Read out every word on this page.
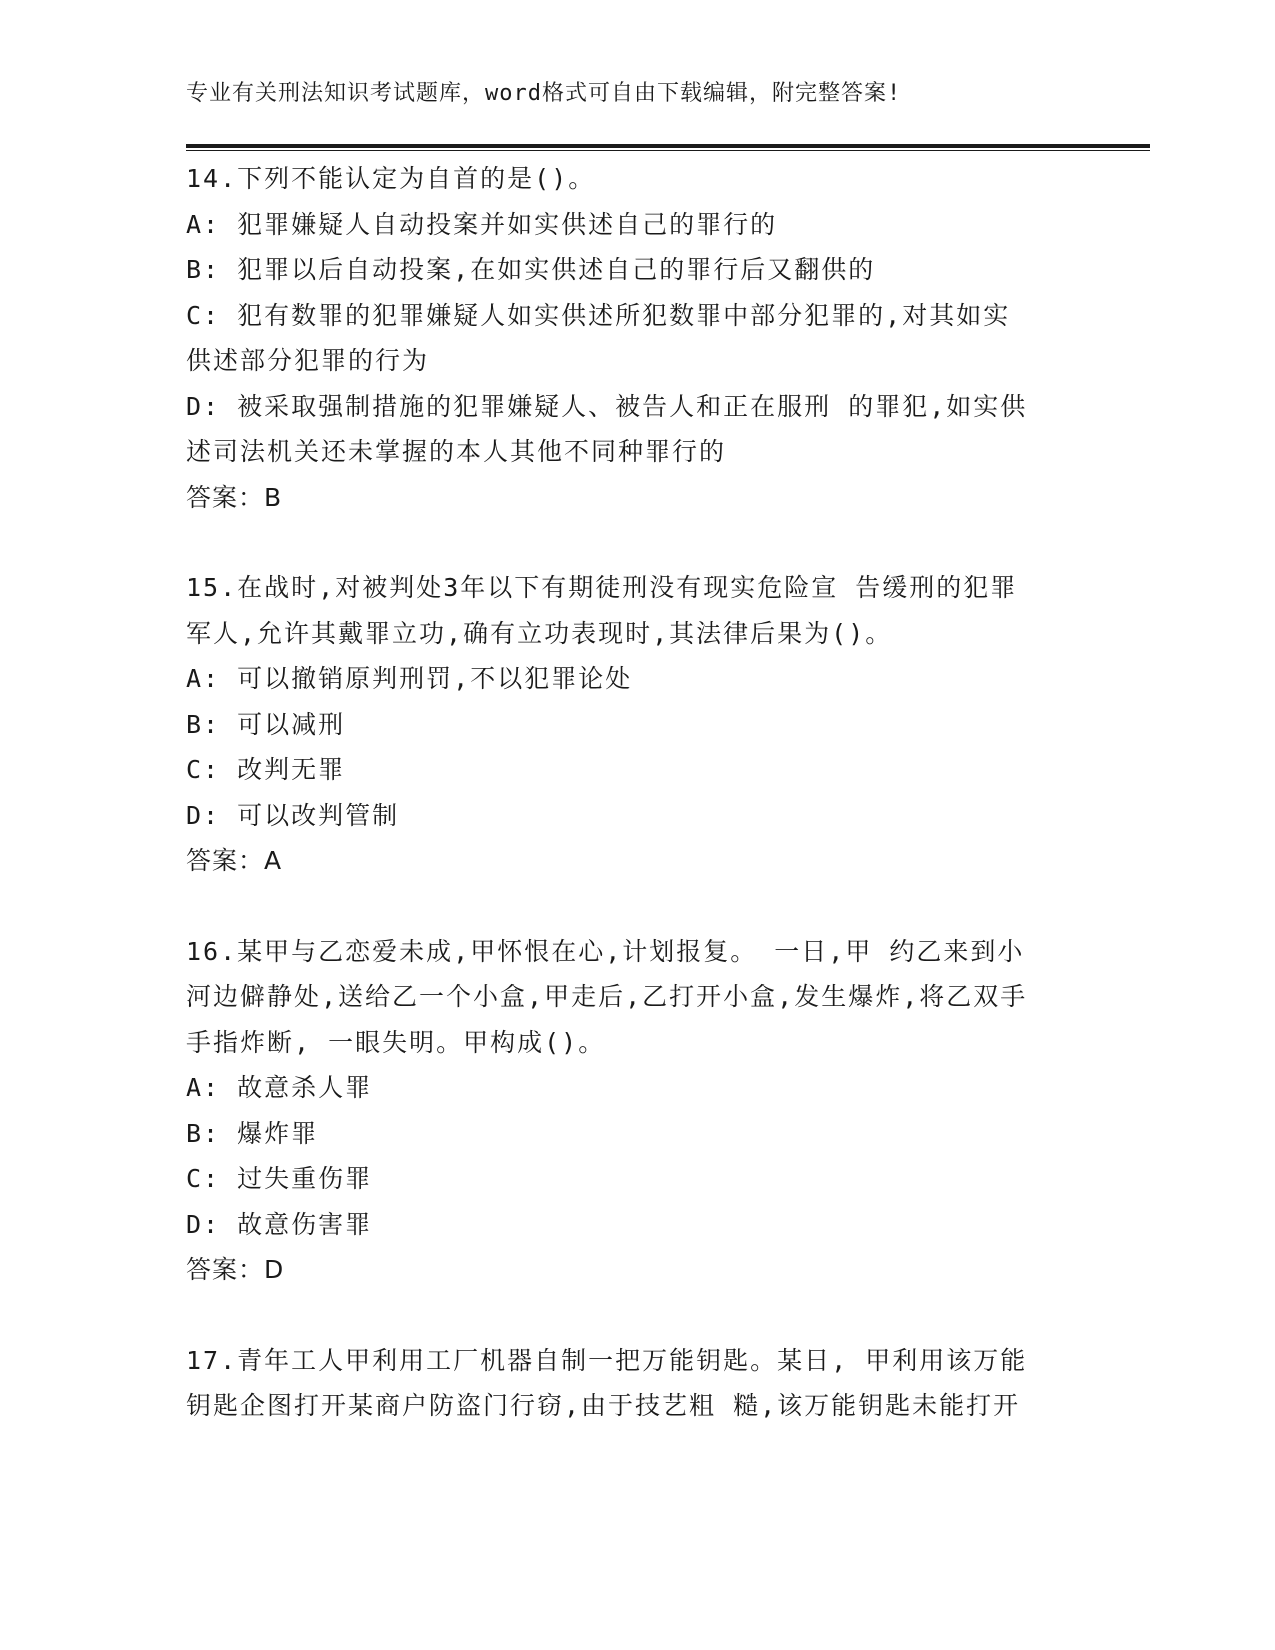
专业有关刑法知识考试题库，word格式可自由下载编辑，附完整答案!
14.下列不能认定为自首的是()。
A: 犯罪嫌疑人自动投案并如实供述自己的罪行的
B: 犯罪以后自动投案,在如实供述自己的罪行后又翻供的
C: 犯有数罪的犯罪嫌疑人如实供述所犯数罪中部分犯罪的,对其如实
供述部分犯罪的行为
D: 被采取强制措施的犯罪嫌疑人、被告人和正在服刑 的罪犯,如实供
述司法机关还未掌握的本人其他不同种罪行的
答案：B
15.在战时,对被判处3年以下有期徒刑没有现实危险宣 告缓刑的犯罪
军人,允许其戴罪立功,确有立功表现时,其法律后果为()。
A: 可以撤销原判刑罚,不以犯罪论处
B: 可以减刑
C: 改判无罪
D: 可以改判管制
答案：A
16.某甲与乙恋爱未成,甲怀恨在心,计划报复。 一日,甲 约乙来到小
河边僻静处,送给乙一个小盒,甲走后,乙打开小盒,发生爆炸,将乙双手
手指炸断, 一眼失明。甲构成()。
A: 故意杀人罪
B: 爆炸罪
C: 过失重伤罪
D: 故意伤害罪
答案：D
17.青年工人甲利用工厂机器自制一把万能钥匙。某日, 甲利用该万能
钥匙企图打开某商户防盗门行窃,由于技艺粗 糙,该万能钥匙未能打开
